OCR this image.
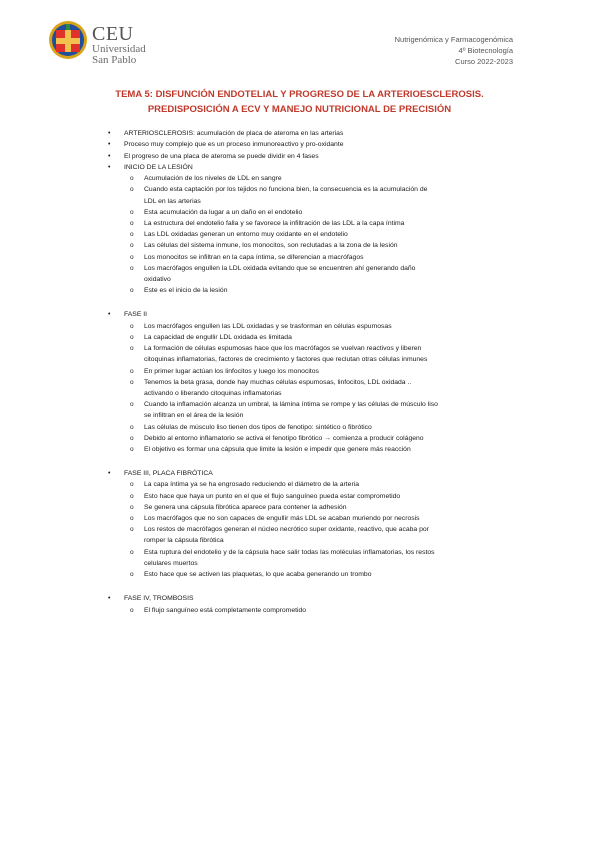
CEU
Universidad
San Pablo
Nutrigenómica y Farmacogenómica
4º Biotecnología
Curso 2022-2023
TEMA 5: DISFUNCIÓN ENDOTELIAL Y PROGRESO DE LA ARTERIOESCLEROSIS.
PREDISPOSICIÓN A ECV Y MANEJO NUTRICIONAL DE PRECISIÓN
• ARTERIOSCLEROSIS: acumulación de placa de ateroma en las arterias
• Proceso muy complejo que es un proceso inmunoreactivo y pro-oxidante
• El progreso de una placa de ateroma se puede dividir en 4 fases
• INICIO DE LA LESIÓN
o Acumulación de los niveles de LDL en sangre
o Cuando esta captación por los tejidos no funciona bien, la consecuencia es la acumulación de
LDL en las arterias
o Esta acumulación da lugar a un daño en el endotelio
o La estructura del endotelio falla y se favorece la infiltración de las LDL a la capa íntima
o Las LDL oxidadas generan un entorno muy oxidante en el endotelio
o Las células del sistema inmune, los monocitos, son reclutadas a la zona de la lesión
o Los monocitos se infiltran en la capa íntima, se diferencian a macrófagos
o Los macrófagos engullen la LDL oxidada evitando que se encuentren ahí generando daño
oxidativo
o Este es el inicio de la lesión
• FASE II
o Los macrófagos engullen las LDL oxidadas y se trasforman en células espumosas
o La capacidad de engullir LDL oxidada es limitada
o La formación de células espumosas hace que los macrófagos se vuelvan reactivos y liberen
citoquinas inflamatorias, factores de crecimiento y factores que reclutan otras células inmunes
o En primer lugar actúan los linfocitos y luego los monocitos
o Tenemos la beta grasa, donde hay muchas células espumosas, linfocitos, LDL oxidada ..
activando o liberando citoquinas inflamatorias
o Cuando la inflamación alcanza un umbral, la lámina íntima se rompe y las células de músculo liso
se infiltran en el área de la lesión
o Las células de músculo liso tienen dos tipos de fenotipo: sintético o fibrótico
o Debido al entorno inflamatorio se activa el fenotipo fibrótico → comienza a producir colágeno
o El objetivo es formar una cápsula que limite la lesión e impedir que genere más reacción
• FASE III, PLACA FIBRÓTICA
o La capa íntima ya se ha engrosado reduciendo el diámetro de la arteria
o Esto hace que haya un punto en el que el flujo sanguíneo pueda estar comprometido
o Se genera una cápsula fibrótica aparece para contener la adhesión
o Los macrófagos que no son capaces de engullir más LDL se acaban muriendo por necrosis
o Los restos de macrófagos generan el núcleo necrótico super oxidante, reactivo, que acaba por
romper la cápsula fibrótica
o Esta ruptura del endotelio y de la cápsula hace salir todas las moléculas inflamatorias, los restos
celulares muertos
o Esto hace que se activen las plaquetas, lo que acaba generando un trombo
• FASE IV, TROMBOSIS
o El flujo sanguíneo está completamente comprometido
